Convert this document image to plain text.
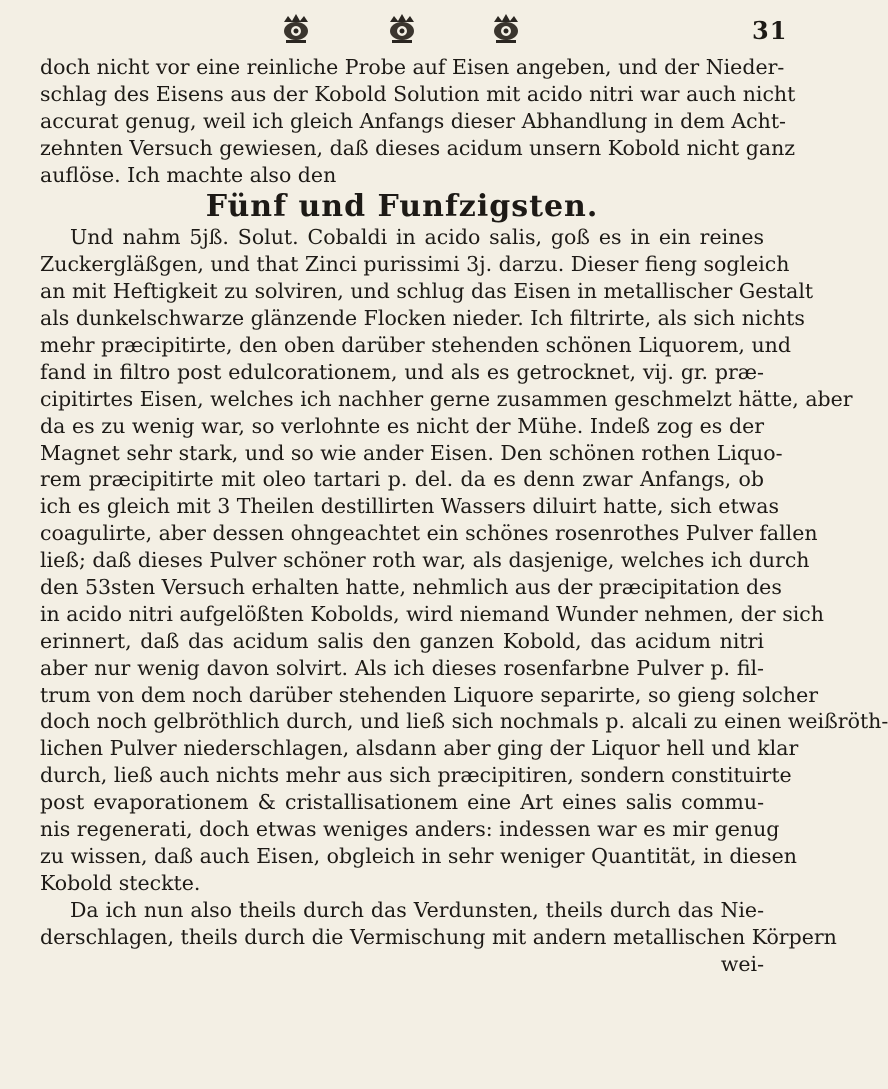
31
doch nicht vor eine reinliche Probe auf Eisen angeben, und der Nieder-
schlag des Eisens aus der Kobold Solution mit acido nitri war auch nicht
accurat genug, weil ich gleich Anfangs dieser Abhandlung in dem Acht-
zehnten Versuch gewiesen, daß dieses acidum unsern Kobold nicht ganz
auflöse. Ich machte also den
Fünf und Funfzigsten.
Und nahm 5jß. Solut. Cobaldi in acido salis, goß es in ein reines
Zuckergläßgen, und that Zinci purissimi 3j. darzu. Dieser fieng sogleich
an mit Heftigkeit zu solviren, und schlug das Eisen in metallischer Gestalt
als dunkelschwarze glänzende Flocken nieder. Ich filtrirte, als sich nichts
mehr præcipitirte, den oben darüber stehenden schönen Liquorem, und
fand in filtro post edulcorationem, und als es getrocknet, vij. gr. præ-
cipitirtes Eisen, welches ich nachher gerne zusammen geschmelzt hätte, aber
da es zu wenig war, so verlohnte es nicht der Mühe. Indeß zog es der
Magnet sehr stark, und so wie ander Eisen. Den schönen rothen Liquo-
rem præcipitirte mit oleo tartari p. del. da es denn zwar Anfangs, ob
ich es gleich mit 3 Theilen destillirten Wassers diluirt hatte, sich etwas
coagulirte, aber dessen ohngeachtet ein schönes rosenrothes Pulver fallen
ließ; daß dieses Pulver schöner roth war, als dasjenige, welches ich durch
den 53sten Versuch erhalten hatte, nehmlich aus der præcipitation des
in acido nitri aufgelößten Kobolds, wird niemand Wunder nehmen, der sich
erinnert, daß das acidum salis den ganzen Kobold, das acidum nitri
aber nur wenig davon solvirt. Als ich dieses rosenfarbne Pulver p. fil-
trum von dem noch darüber stehenden Liquore separirte, so gieng solcher
doch noch gelbröthlich durch, und ließ sich nochmals p. alcali zu einen weißröth-
lichen Pulver niederschlagen, alsdann aber ging der Liquor hell und klar
durch, ließ auch nichts mehr aus sich præcipitiren, sondern constituirte
post evaporationem & cristallisationem eine Art eines salis commu-
nis regenerati, doch etwas weniges anders: indessen war es mir genug
zu wissen, daß auch Eisen, obgleich in sehr weniger Quantität, in diesen
Kobold steckte.
Da ich nun also theils durch das Verdunsten, theils durch das Nie-
derschlagen, theils durch die Vermischung mit andern metallischen Körpern
wei-
